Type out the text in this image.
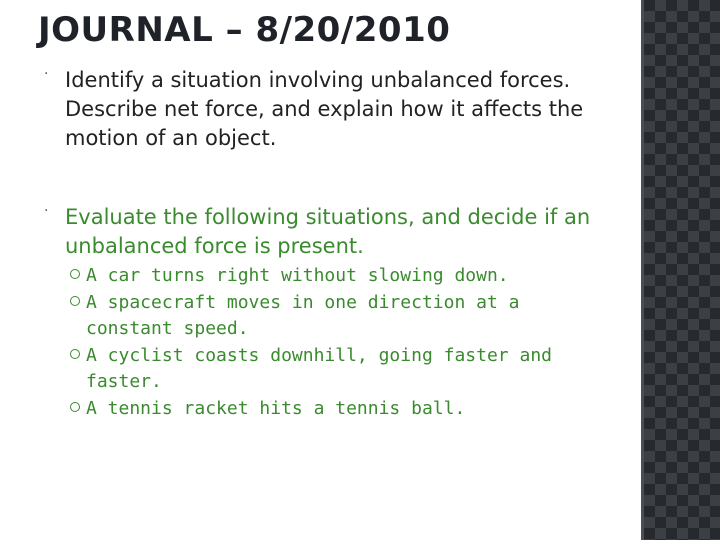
JOURNAL – 8/20/2010
· Identify a situation involving unbalanced forces. Describe net force, and explain how it affects the motion of an object.
· Evaluate the following situations, and decide if an unbalanced force is present.
A car turns right without slowing down.
A spacecraft moves in one direction at a constant speed.
A cyclist coasts downhill, going faster and faster.
A tennis racket hits a tennis ball.
